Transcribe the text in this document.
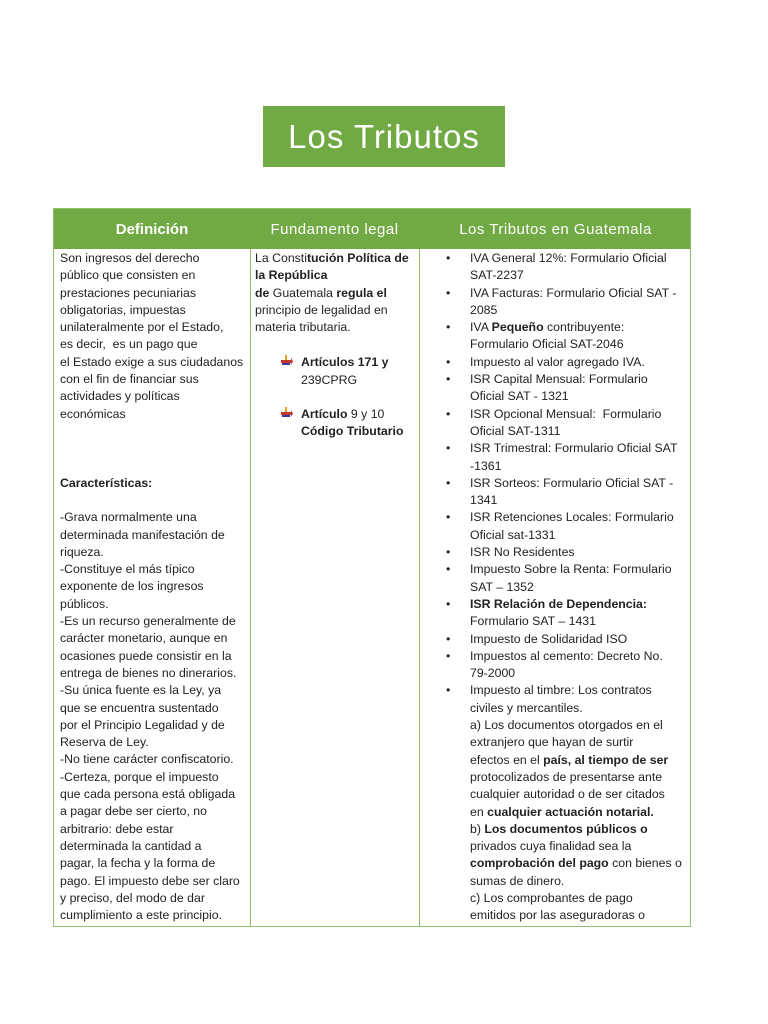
Los Tributos
Definición	Fundamento legal	Los Tributos en Guatemala
Son ingresos del derecho
público que consisten en
prestaciones pecuniarias
obligatorias, impuestas
unilateralmente por el Estado,
es decir,  es un pago que
el Estado exige a sus ciudadanos
con el fin de financiar sus
actividades y políticas
económicas
Características:
-Grava normalmente una
determinada manifestación de
riqueza.
-Constituye el más típico
exponente de los ingresos
públicos.
-Es un recurso generalmente de
carácter monetario, aunque en
ocasiones puede consistir en la
entrega de bienes no dinerarios.
-Su única fuente es la Ley, ya
que se encuentra sustentado
por el Principio Legalidad y de
Reserva de Ley.
-No tiene carácter confiscatorio.
-Certeza, porque el impuesto
que cada persona está obligada
a pagar debe ser cierto, no
arbitrario: debe estar
determinada la cantidad a
pagar, la fecha y la forma de
pago. El impuesto debe ser claro
y preciso, del modo de dar
cumplimiento a este principio.
La Constitución Política de
la República
de Guatemala regula el
principio de legalidad en
materia tributaria.
Artículos 171 y
239CPRG
Artículo 9 y 10
Código Tributario
• IVA General 12%: Formulario Oficial
SAT-2237
• IVA Facturas: Formulario Oficial SAT -
2085
• IVA Pequeño contribuyente:
Formulario Oficial SAT-2046
• Impuesto al valor agregado IVA.
• ISR Capital Mensual: Formulario
Oficial SAT - 1321
• ISR Opcional Mensual:  Formulario
Oficial SAT-1311
• ISR Trimestral: Formulario Oficial SAT
-1361
• ISR Sorteos: Formulario Oficial SAT -
1341
• ISR Retenciones Locales: Formulario
Oficial sat-1331
• ISR No Residentes
• Impuesto Sobre la Renta: Formulario
SAT – 1352
• ISR Relación de Dependencia:
Formulario SAT – 1431
• Impuesto de Solidaridad ISO
• Impuestos al cemento: Decreto No.
79-2000
• Impuesto al timbre: Los contratos
civiles y mercantiles.
a) Los documentos otorgados en el
extranjero que hayan de surtir
efectos en el país, al tiempo de ser
protocolizados de presentarse ante
cualquier autoridad o de ser citados
en cualquier actuación notarial.
b) Los documentos públicos o
privados cuya finalidad sea la
comprobación del pago con bienes o
sumas de dinero.
c) Los comprobantes de pago
emitidos por las aseguradoras o
